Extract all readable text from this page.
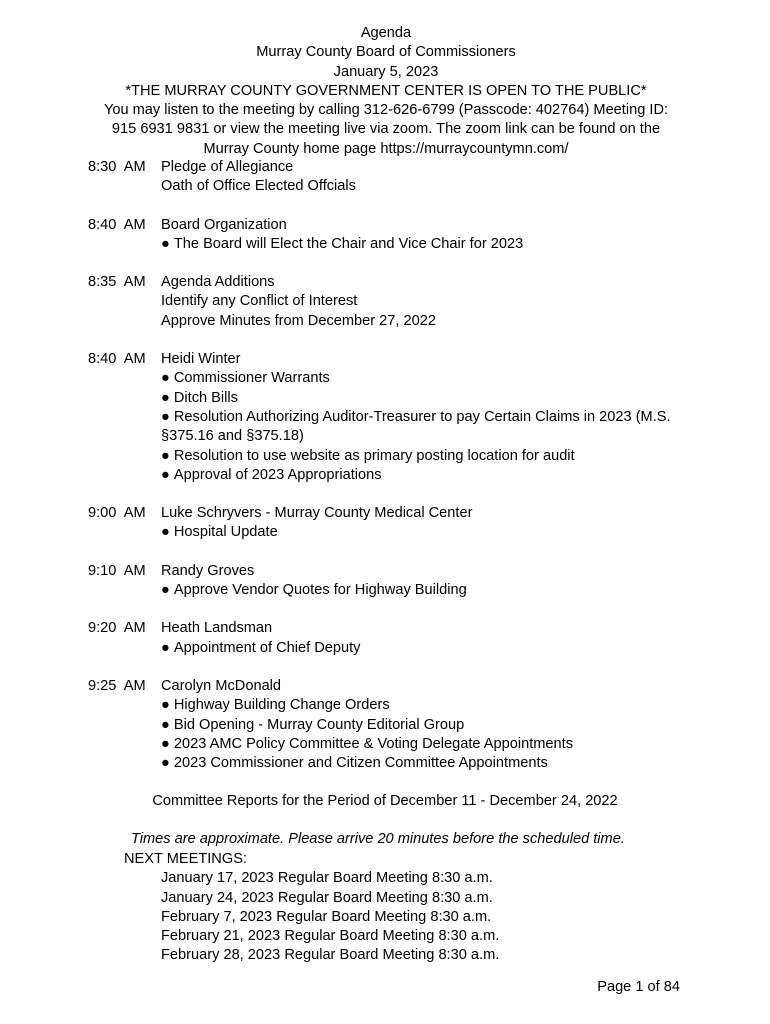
Agenda
Murray County Board of Commissioners
January 5, 2023
*THE MURRAY COUNTY GOVERNMENT CENTER IS OPEN TO THE PUBLIC*
You may listen to the meeting by calling 312-626-6799 (Passcode: 402764) Meeting ID:
915 6931 9831 or view the meeting live via zoom. The zoom link can be found on the
Murray County home page https://murraycountymn.com/
8:30  AM	Pledge of Allegiance
Oath of Office Elected Offcials
8:40  AM	Board Organization
● The Board will Elect the Chair and Vice Chair for 2023
8:35  AM	Agenda Additions
Identify any Conflict of Interest
Approve Minutes from December 27, 2022
8:40  AM	Heidi Winter
● Commissioner Warrants
● Ditch Bills
● Resolution Authorizing Auditor-Treasurer to pay Certain Claims in 2023 (M.S. §375.16 and §375.18)
● Resolution to use website as primary posting location for audit
● Approval of 2023 Appropriations
9:00  AM	Luke Schryvers - Murray County Medical Center
● Hospital Update
9:10  AM	Randy Groves
● Approve Vendor Quotes for Highway Building
9:20  AM	Heath Landsman
● Appointment of Chief Deputy
9:25  AM	Carolyn McDonald
● Highway Building Change Orders
● Bid Opening - Murray County Editorial Group
● 2023 AMC Policy Committee & Voting Delegate Appointments
● 2023 Commissioner and Citizen Committee Appointments
Committee Reports for the Period of December 11 - December 24, 2022
Times are approximate. Please arrive 20 minutes before the scheduled time.
NEXT MEETINGS:
January 17, 2023 Regular Board Meeting 8:30 a.m.
January 24, 2023 Regular Board Meeting 8:30 a.m.
February 7, 2023 Regular Board Meeting 8:30 a.m.
February 21, 2023 Regular Board Meeting 8:30 a.m.
February 28, 2023 Regular Board Meeting 8:30 a.m.
Page 1 of 84
